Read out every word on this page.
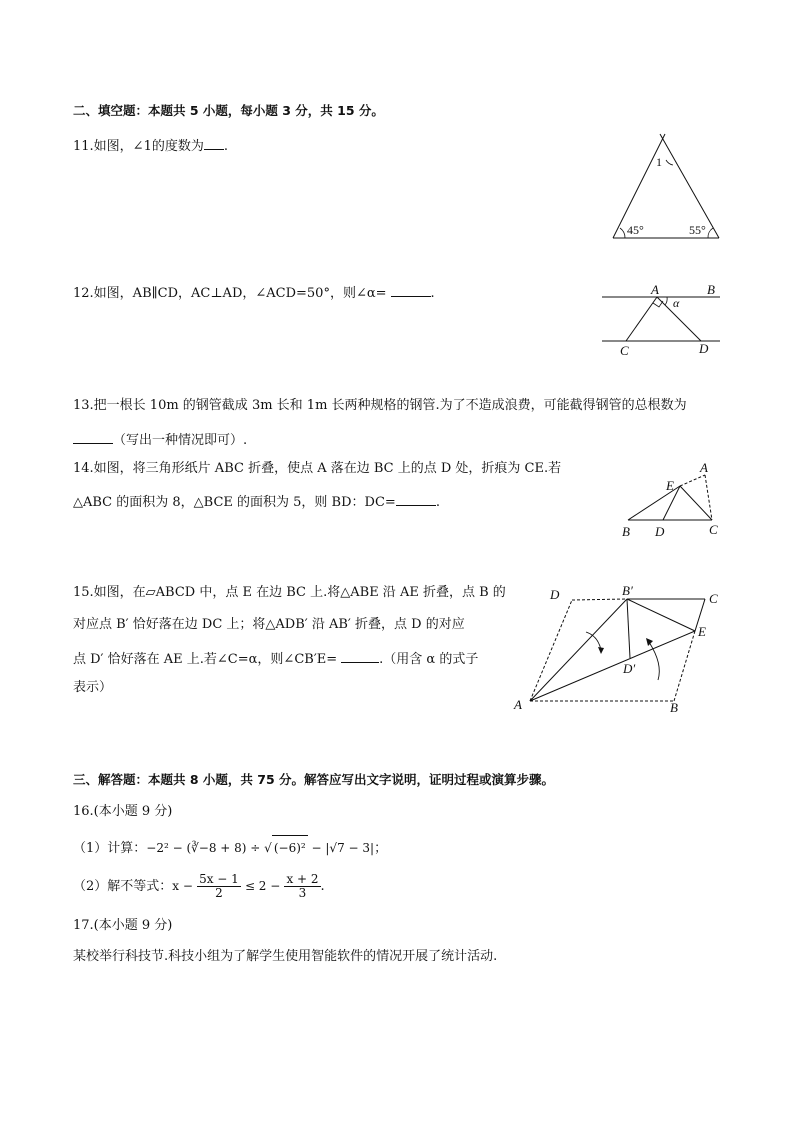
二、填空题：本题共 5 小题，每小题 3 分，共 15 分。
11.如图，∠1的度数为 .
1
45°	55°
12.如图，AB∥CD，AC⊥AD，∠ACD=50°，则∠α=	.	A	B
C	D
α
13.把一根长 10m 的钢管截成 3m 长和 1m 长两种规格的钢管.为了不造成浪费，可能截得钢管的总根数为
（写出一种情况即可）.
14.如图，将三角形纸片 ABC 折叠，使点 A 落在边 BC 上的点 D 处，折痕为 CE.若
△ABC 的面积为 8，△BCE 的面积为 5，则 BD：DC=	.
A
E
B D	C
15.如图，在▱ABCD 中，点 E 在边 BC 上.将△ABE 沿 AE 折叠，点 B 的
对应点 B′ 恰好落在边 DC 上；将△ADB′ 沿 AB′ 折叠，点 D 的对应
点 D′ 恰好落在 AE 上.若∠C=α，则∠CB′E=	.（用含 α 的式子
表示）
D	B′
C
E
D′
A	B
三、解答题：本题共 8 小题，共 75 分。解答应写出文字说明，证明过程或演算步骤。
16.(本小题 9 分)
（1）计算：−2² − (∛−8 + 8) ÷ √ (−6)² − |√7 − 3|；
（2）解不等式：$x - \frac{5x - 1}{2} \le 2 - \frac{x + 2}{3}$ .
17.(本小题 9 分)
某校举行科技节.科技小组为了解学生使用智能软件的情况开展了统计活动.
